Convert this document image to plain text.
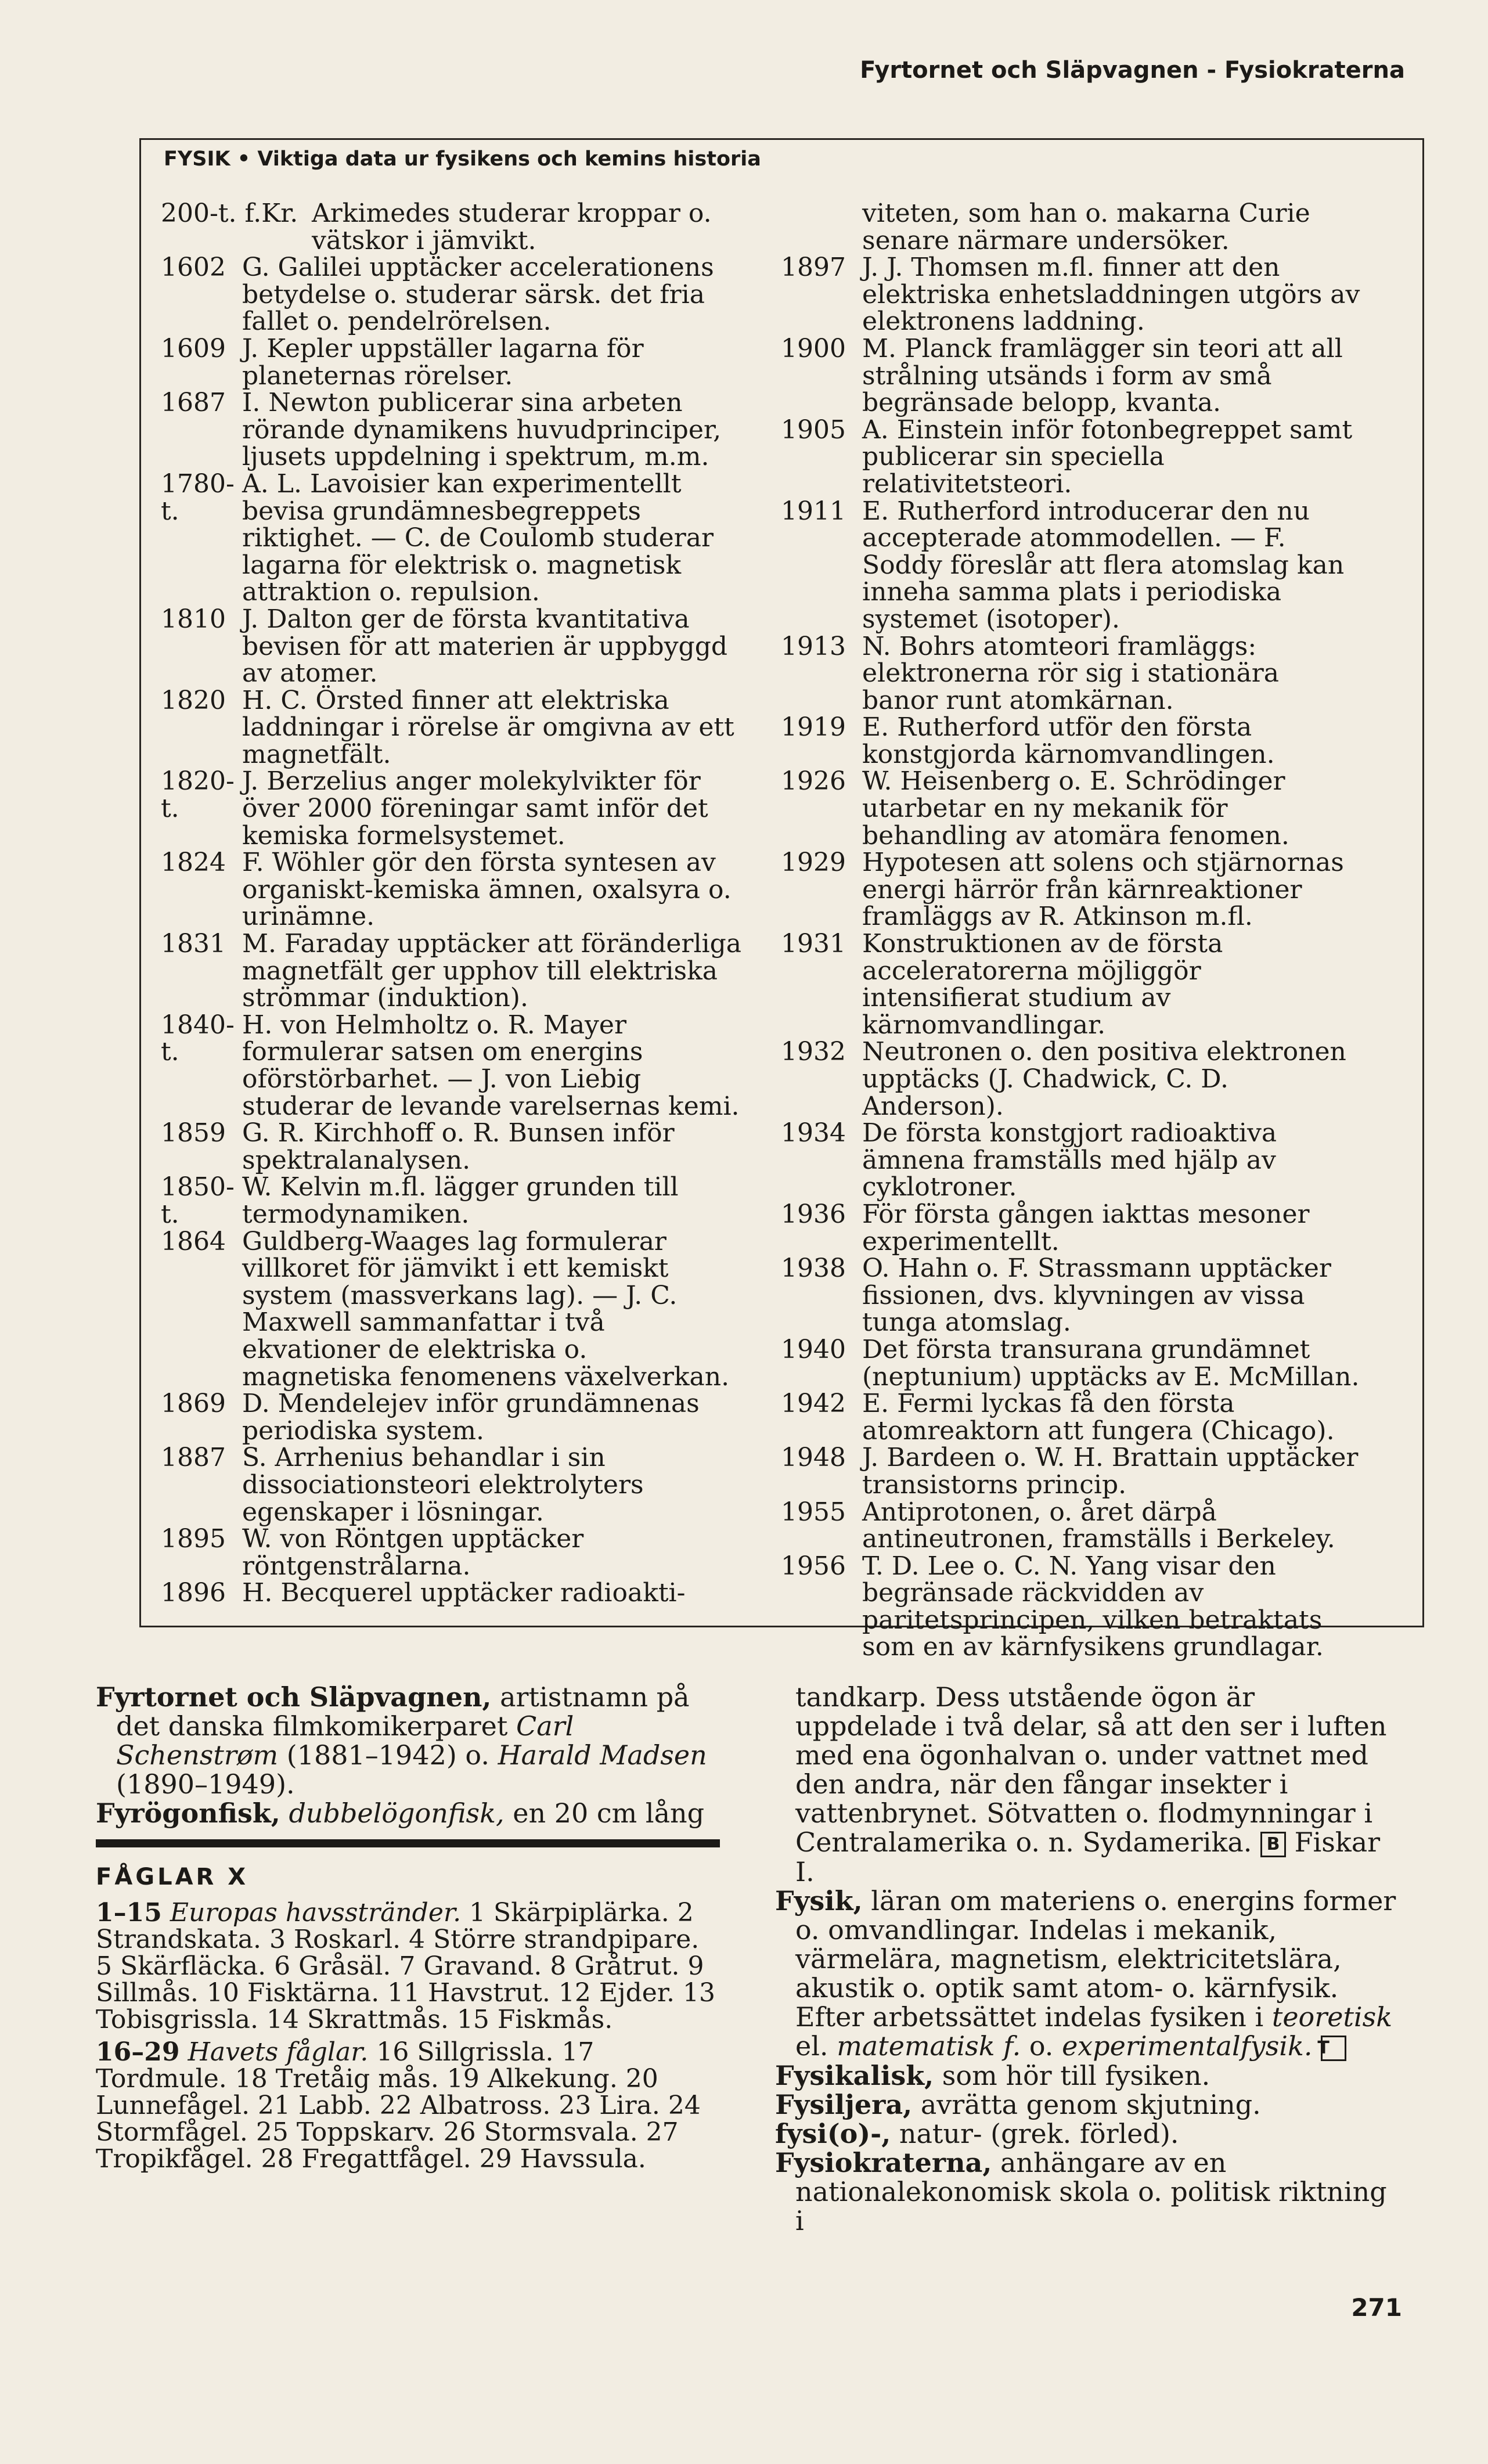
Fyrtornet och Släpvagnen - Fysiokraterna
FYSIK • Viktiga data ur fysikens och kemins historia
200-t. f.Kr. Arkimedes studerar kroppar o. vätskor i jämvikt.
1602 G. Galilei upptäcker accelerationens betydelse o. studerar särsk. det fria fallet o. pendelrörelsen.
1609 J. Kepler uppställer lagarna för planeternas rörelser.
1687 I. Newton publicerar sina arbeten rörande dynamikens huvudprinciper, ljusets uppdelning i spektrum, m.m.
1780-t.
A. L. Lavoisier kan experimentellt bevisa grundämnesbegreppets riktighet. — C. de Coulomb studerar lagarna för elektrisk o. magnetisk attraktion o. repulsion.
1810 J. Dalton ger de första kvantitativa bevisen för att materien är uppbyggd av atomer.
1820 H. C. Örsted finner att elektriska laddningar i rörelse är omgivna av ett magnetfält.
1820-t.
J. Berzelius anger molekylvikter för över 2000 föreningar samt inför det kemiska formelsystemet.
1824 F. Wöhler gör den första syntesen av organiskt-kemiska ämnen, oxalsyra o. urinämne.
1831 M. Faraday upptäcker att föränderliga magnetfält ger upphov till elektriska strömmar (induktion).
1840-t.
H. von Helmholtz o. R. Mayer formulerar satsen om energins oförstörbarhet. — J. von Liebig studerar de levande varelsernas kemi.
1859 G. R. Kirchhoff o. R. Bunsen inför spektralanalysen.
1850-t.
W. Kelvin m.fl. lägger grunden till termodynamiken.
1864 Guldberg-Waages lag formulerar villkoret för jämvikt i ett kemiskt system (massverkans lag). — J. C. Maxwell sammanfattar i två ekvationer de elektriska o. magnetiska fenomenens växelverkan.
1869 D. Mendelejev inför grundämnenas periodiska system.
1887 S. Arrhenius behandlar i sin dissociationsteori elektrolyters egenskaper i lösningar.
1895 W. von Röntgen upptäcker röntgenstrålarna.
1896 H. Becquerel upptäcker radioakti-
viteten, som han o. makarna Curie senare närmare undersöker.
1897 J. J. Thomsen m.fl. finner att den elektriska enhetsladdningen utgörs av elektronens laddning.
1900 M. Planck framlägger sin teori att all strålning utsänds i form av små begränsade belopp, kvanta.
1905 A. Einstein inför fotonbegreppet samt publicerar sin speciella relativitetsteori.
1911 E. Rutherford introducerar den nu accepterade atommodellen. — F. Soddy föreslår att flera atomslag kan inneha samma plats i periodiska systemet (isotoper).
1913 N. Bohrs atomteori framläggs: elektronerna rör sig i stationära banor runt atomkärnan.
1919 E. Rutherford utför den första konstgjorda kärnomvandlingen.
1926 W. Heisenberg o. E. Schrödinger utarbetar en ny mekanik för behandling av atomära fenomen.
1929 Hypotesen att solens och stjärnornas energi härrör från kärnreaktioner framläggs av R. Atkinson m.fl.
1931 Konstruktionen av de första acceleratorerna möjliggör intensifierat studium av kärnomvandlingar.
1932 Neutronen o. den positiva elektronen upptäcks (J. Chadwick, C. D. Anderson).
1934 De första konstgjort radioaktiva ämnena framställs med hjälp av cyklotroner.
1936 För första gången iakttas mesoner experimentellt.
1938 O. Hahn o. F. Strassmann upptäcker fissionen, dvs. klyvningen av vissa tunga atomslag.
1940 Det första transurana grundämnet (neptunium) upptäcks av E. McMillan.
1942 E. Fermi lyckas få den första atomreaktorn att fungera (Chicago).
1948 J. Bardeen o. W. H. Brattain upptäcker transistorns princip.
1955 Antiprotonen, o. året därpå antineutronen, framställs i Berkeley.
1956 T. D. Lee o. C. N. Yang visar den begränsade räckvidden av paritetsprincipen, vilken betraktats som en av kärnfysikens grundlagar.

Fyrtornet och Släpvagnen, artistnamn på det danska filmkomikerparet Carl Schenstrøm (1881–1942) o. Harald Madsen (1890–1949).

Fyrögonfisk, dubbelögonfisk, en 20 cm lång

FÅGLAR X

1–15 Europas havsstränder. 1 Skärpiplärka. 2 Strandskata. 3 Roskarl. 4 Större strandpipare. 5 Skärfläcka. 6 Gråsäl. 7 Gravand. 8 Gråtrut. 9 Sillmås. 10 Fisktärna. 11 Havstrut. 12 Ejder. 13 Tobisgrissla. 14 Skrattmås. 15 Fiskmås.

16–29 Havets fåglar. 16 Sillgrissla. 17 Tordmule. 18 Tretåig mås. 19 Alkekung. 20 Lunnefågel. 21 Labb. 22 Albatross. 23 Lira. 24 Stormfågel. 25 Toppskarv. 26 Stormsvala. 27 Tropikfågel. 28 Fregattfågel. 29 Havssula.

tandkarp. Dess utstående ögon är uppdelade i två delar, så att den ser i luften med ena ögonhalvan o. under vattnet med den andra, när den fångar insekter i vattenbrynet. Sötvatten o. flodmynningar i Centralamerika o. n. Sydamerika. B Fiskar I.

Fysik, läran om materiens o. energins former o. omvandlingar. Indelas i mekanik, värmelära, magnetism, elektricitetslära, akustik o. optik samt atom- o. kärnfysik. Efter arbetssättet indelas fysiken i teoretisk el. matematisk f. o. experimentalfysik. T

Fysikalisk, som hör till fysiken.

Fysiljera, avrätta genom skjutning.

fysi(o)-, natur- (grek. förled).

Fysiokraterna, anhängare av en nationalekonomisk skola o. politisk riktning i

271
